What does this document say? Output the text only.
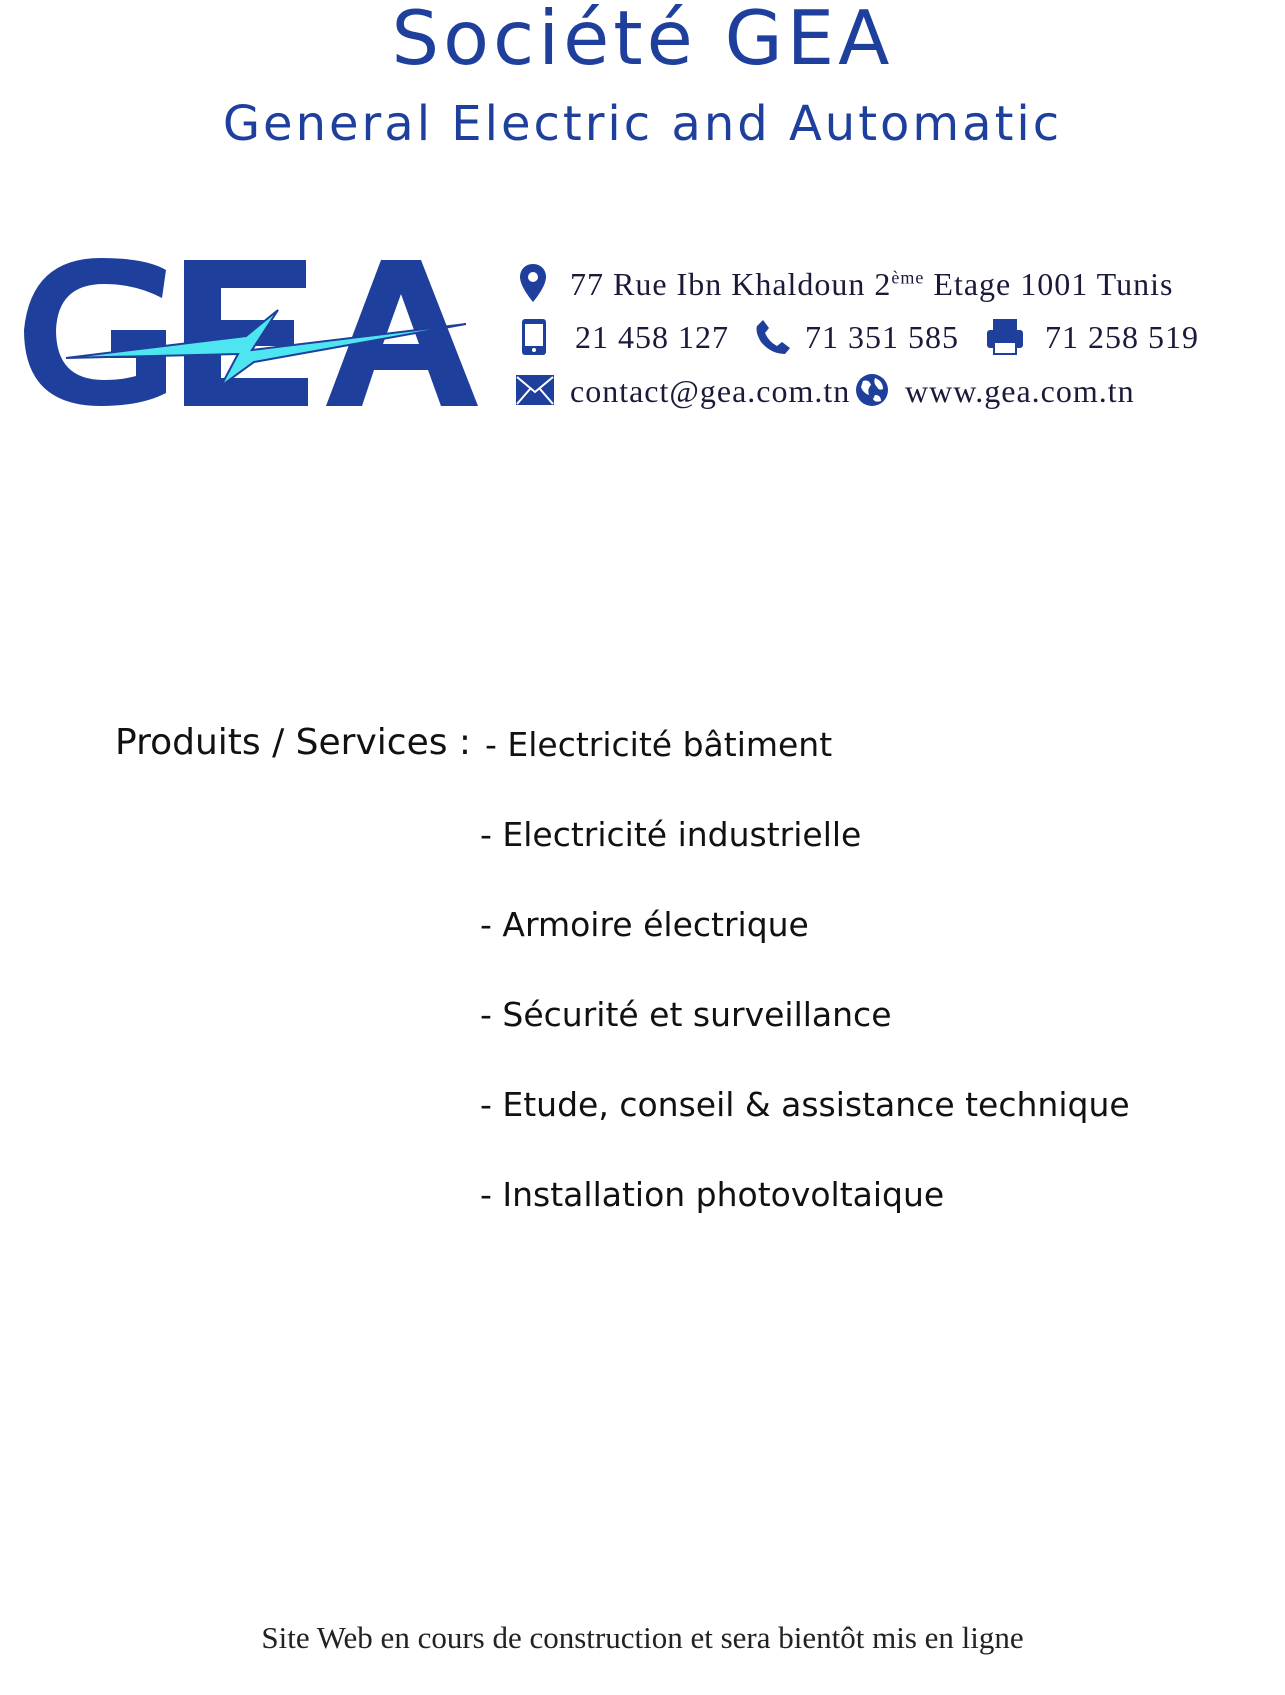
Société GEA
General Electric and Automatic
77 Rue Ibn Khaldoun 2ème Etage 1001 Tunis
21 458 127 71 351 585	71 258 519
contact@gea.com.tn www.gea.com.tn
Produits / Services : - Electricité bâtiment
- Electricité industrielle
- Armoire électrique
- Sécurité et surveillance
- Etude, conseil & assistance technique
- Installation photovoltaique
Site Web en cours de construction et sera bientôt mis en ligne
